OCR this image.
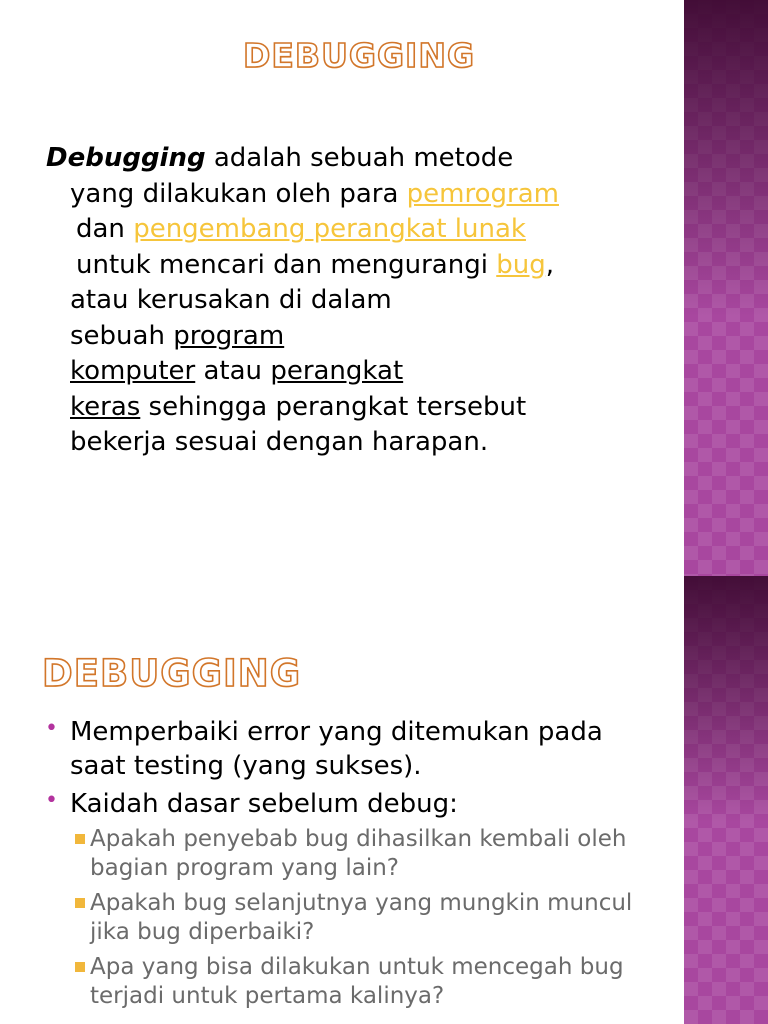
DEBUGGING
Debugging adalah sebuah metode
yang dilakukan oleh para pemrogram
dan pengembang perangkat lunak
untuk mencari dan mengurangi bug,
atau kerusakan di dalam
sebuah program
komputer atau perangkat
keras sehingga perangkat tersebut
bekerja sesuai dengan harapan.
DEBUGGING
• Memperbaiki error yang ditemukan pada saat testing (yang sukses).
• Kaidah dasar sebelum debug:
Apakah penyebab bug dihasilkan kembali oleh bagian program yang lain?
Apakah bug selanjutnya yang mungkin muncul jika bug diperbaiki?
Apa yang bisa dilakukan untuk mencegah bug terjadi untuk pertama kalinya?
